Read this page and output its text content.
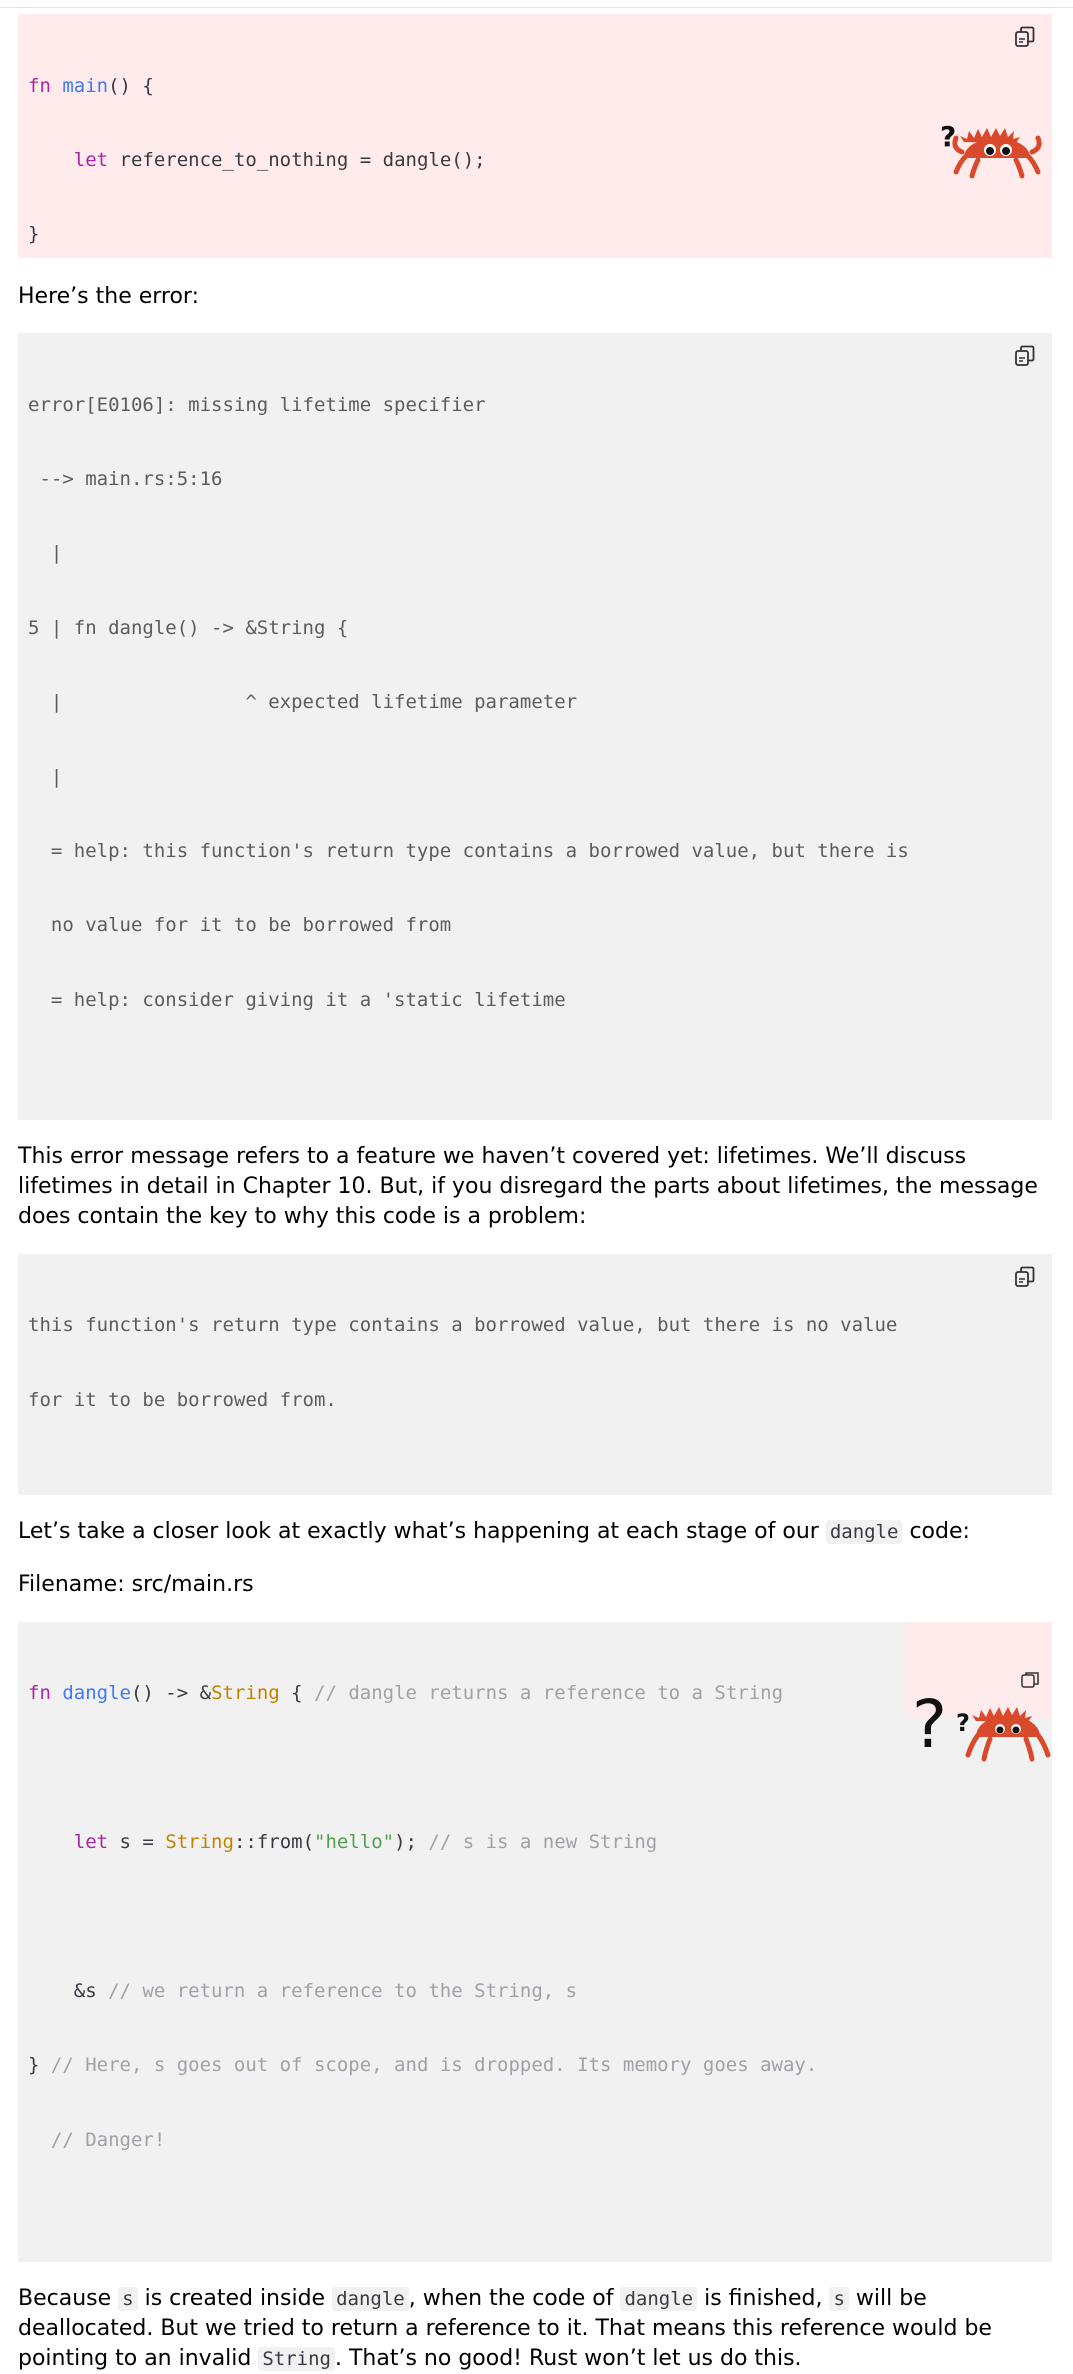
fn main() {

let reference_to_nothing = dangle();

}

?

Here’s the error:

error[E0106]: missing lifetime specifier

--> main.rs:5:16

|

5 | fn dangle() -> &String {

|                ^ expected lifetime parameter

|

= help: this function's return type contains a borrowed value, but there is

no value for it to be borrowed from

= help: consider giving it a 'static lifetime

This error message refers to a feature we haven’t covered yet: lifetimes. We’ll discuss lifetimes in detail in Chapter 10. But, if you disregard the parts about lifetimes, the message does contain the key to why this code is a problem:

this function's return type contains a borrowed value, but there is no value

for it to be borrowed from.

Let’s take a closer look at exactly what’s happening at each stage of our dangle code:

Filename: src/main.rs

fn dangle() -> &String { // dangle returns a reference to a String

let s = String::from("hello"); // s is a new String

&s // we return a reference to the String, s

} // Here, s goes out of scope, and is dropped. Its memory goes away.

// Danger!

? ?

Because s is created inside dangle , when the code of dangle is finished, s will be deallocated. But we tried to return a reference to it. That means this reference would be pointing to an invalid String . That’s no good! Rust won’t let us do this.
